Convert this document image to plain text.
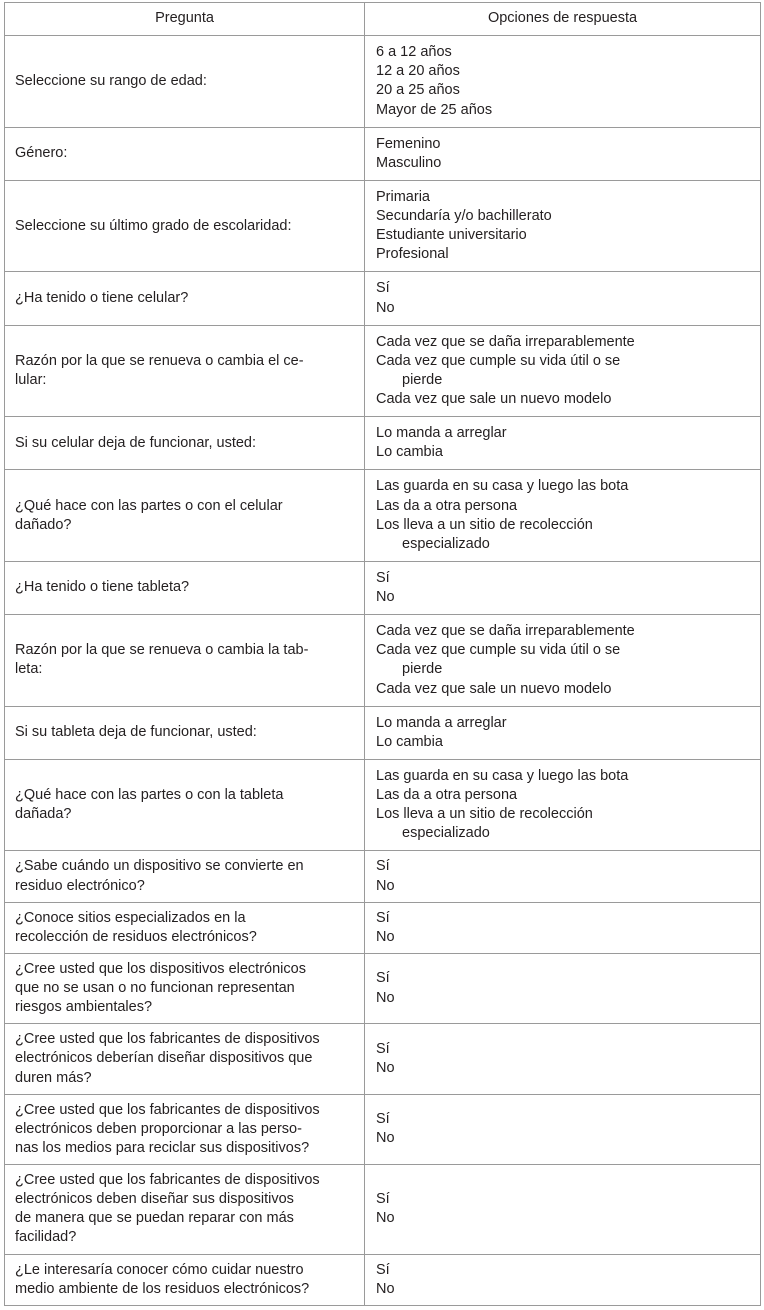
Pregunta	Opciones de respuesta

Seleccione su rango de edad:	6 a 12 años
12 a 20 años
20 a 25 años
Mayor de 25 años

Género:	Femenino
Masculino

Seleccione su último grado de escolaridad:	Primaria
Secundaría y/o bachillerato
Estudiante universitario
Profesional

¿Ha tenido o tiene celular?	Sí
No

Razón por la que se renueva o cambia el ce-
lular:	Cada vez que se daña irreparablemente
Cada vez que cumple su vida útil o se
pierde
Cada vez que sale un nuevo modelo

Si su celular deja de funcionar, usted:	Lo manda a arreglar
Lo cambia

¿Qué hace con las partes o con el celular
dañado?	Las guarda en su casa y luego las bota
Las da a otra persona
Los lleva a un sitio de recolección
especializado

¿Ha tenido o tiene tableta?	Sí
No

Razón por la que se renueva o cambia la tab-
leta:	Cada vez que se daña irreparablemente
Cada vez que cumple su vida útil o se
pierde
Cada vez que sale un nuevo modelo

Si su tableta deja de funcionar, usted:	Lo manda a arreglar
Lo cambia

¿Qué hace con las partes o con la tableta
dañada?	Las guarda en su casa y luego las bota
Las da a otra persona
Los lleva a un sitio de recolección
especializado

¿Sabe cuándo un dispositivo se convierte en
residuo electrónico?	Sí
No

¿Conoce sitios especializados en la
recolección de residuos electrónicos?	Sí
No

¿Cree usted que los dispositivos electrónicos
que no se usan o no funcionan representan
riesgos ambientales?	Sí
No

¿Cree usted que los fabricantes de dispositivos
electrónicos deberían diseñar dispositivos que
duren más?	Sí
No

¿Cree usted que los fabricantes de dispositivos
electrónicos deben proporcionar a las perso-
nas los medios para reciclar sus dispositivos?	Sí
No

¿Cree usted que los fabricantes de dispositivos
electrónicos deben diseñar sus dispositivos
de manera que se puedan reparar con más
facilidad?	Sí
No

¿Le interesaría conocer cómo cuidar nuestro
medio ambiente de los residuos electrónicos?	Sí
No
